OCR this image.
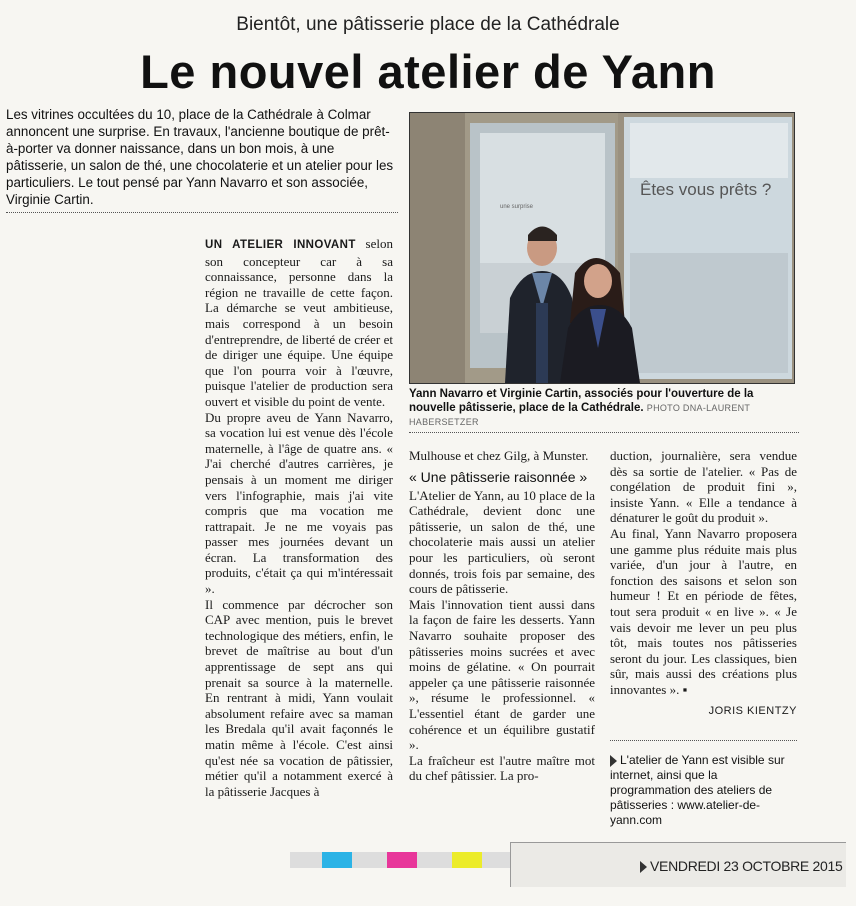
Bientôt, une pâtisserie place de la Cathédrale
Le nouvel atelier de Yann
Les vitrines occultées du 10, place de la Cathédrale à Colmar annoncent une surprise. En travaux, l'ancienne boutique de prêt-à-porter va donner naissance, dans un bon mois, à une pâtisserie, un salon de thé, une chocolaterie et un atelier pour les particuliers. Le tout pensé par Yann Navarro et son associée, Virginie Cartin.
Êtes vous prêts ?
une surprise
Yann Navarro et Virginie Cartin, associés pour l'ouverture de la nouvelle pâtisserie, place de la Cathédrale. PHOTO DNA-LAURENT HABERSETZER

UN ATELIER INNOVANT selon son concepteur car à sa connaissance, personne dans la région ne travaille de cette façon. La démarche se veut ambitieuse, mais correspond à un besoin d'entreprendre, de liberté de créer et de diriger une équipe. Une équipe que l'on pourra voir à l'œuvre, puisque l'atelier de production sera ouvert et visible du point de vente.

Du propre aveu de Yann Navarro, sa vocation lui est venue dès l'école maternelle, à l'âge de quatre ans. « J'ai cherché d'autres carrières, je pensais à un moment me diriger vers l'infographie, mais j'ai vite compris que ma vocation me rattrapait. Je ne me voyais pas passer mes journées devant un écran. La transformation des produits, c'était ça qui m'intéressait ».

Il commence par décrocher son CAP avec mention, puis le brevet technologique des métiers, enfin, le brevet de maîtrise au bout d'un apprentissage de sept ans qui prenait sa source à la maternelle. En rentrant à midi, Yann voulait absolument refaire avec sa maman les Bredala qu'il avait façonnés le matin même à l'école. C'est ainsi qu'est née sa vocation de pâtissier, métier qu'il a notamment exercé à la pâtisserie Jacques à

Mulhouse et chez Gilg, à Munster.

« Une pâtisserie raisonnée »

L'Atelier de Yann, au 10 place de la Cathédrale, devient donc une pâtisserie, un salon de thé, une chocolaterie mais aussi un atelier pour les particuliers, où seront donnés, trois fois par semaine, des cours de pâtisserie.

Mais l'innovation tient aussi dans la façon de faire les desserts. Yann Navarro souhaite proposer des pâtisseries moins sucrées et avec moins de gélatine. « On pourrait appeler ça une pâtisserie raisonnée », résume le professionnel. « L'essentiel étant de garder une cohérence et un équilibre gustatif ».

La fraîcheur est l'autre maître mot du chef pâtissier. La pro-

duction, journalière, sera vendue dès sa sortie de l'atelier. « Pas de congélation de produit fini », insiste Yann. « Elle a tendance à dénaturer le goût du produit ».

Au final, Yann Navarro proposera une gamme plus réduite mais plus variée, d'un jour à l'autre, en fonction des saisons et selon son humeur ! Et en période de fêtes, tout sera produit « en live ». « Je vais devoir me lever un peu plus tôt, mais toutes nos pâtisseries seront du jour. Les classiques, bien sûr, mais aussi des créations plus innovantes ». ▪

JORIS KIENTZY
L'atelier de Yann est visible sur internet, ainsi que la programmation des ateliers de pâtisseries : www.atelier-de-yann.com
VENDREDI 23 OCTOBRE 2015
